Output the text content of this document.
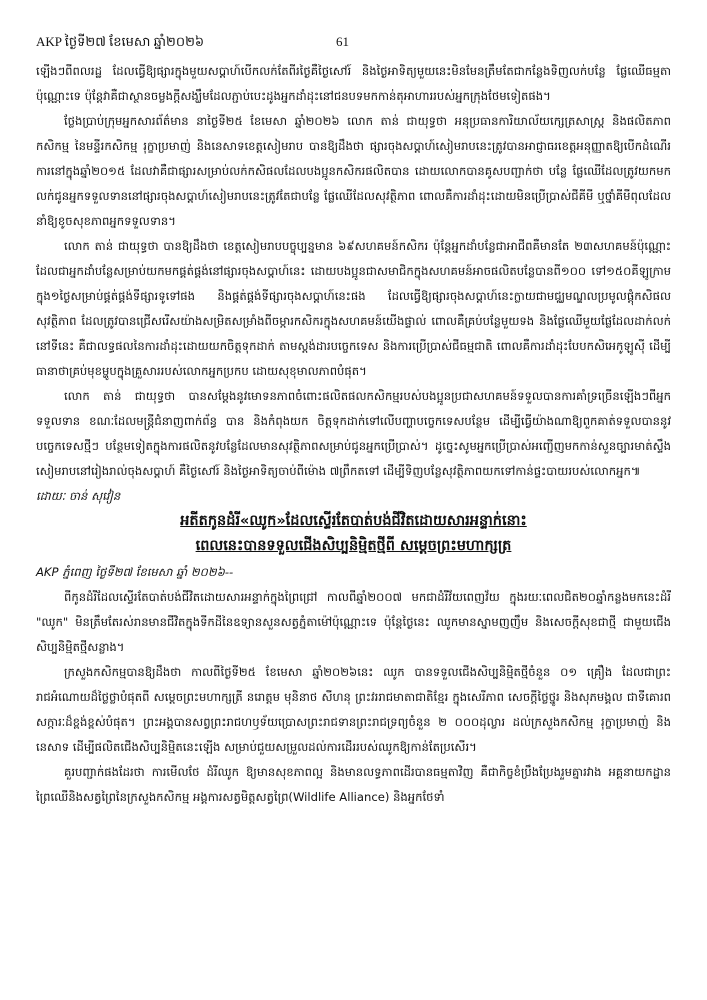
AKP ថ្ងៃទី២៧ ខែមេសា ឆ្នាំ២០២៦	61

ឡើងៗពីពលរដ្ឋ ដែលធ្វើឱ្យផ្សារក្នុងមួយសប្តាហ៍បើកលក់តែពីរថ្ងៃគឺថ្ងៃសៅរ៍ និងថ្ងៃអាទិត្យមួយនេះមិនមែនត្រឹមតែជាកន្លែងទិញលក់បន្លែ ផ្លែឈើធម្មតាប៉ុណ្ណោះទេ ប៉ុន្តែវាគឺជាស្ថានចម្លងក្តីសង្ឃឹមដែលភ្ជាប់បេះដូងអ្នកដាំដុះនៅជនបទមកកាន់តុអាហាររបស់អ្នកក្រុងថែមទៀតផង។

ថ្លែងប្រាប់ក្រុមអ្នកសារព័ត៌មាន នាថ្ងៃទី២៥ ខែមេសា ឆ្នាំ២០២៦ លោក តាន់ ជាយុទ្ធថា អនុប្រធានការិយាល័យក្សេត្រសាស្ត្រ និងផលិតភាពកសិកម្ម នៃមន្ទីរកសិកម្ម រុក្ខាប្រមាញ់ និងនេសាទខេត្តសៀមរាប បានឱ្យដឹងថា ផ្សារចុងសប្តាហ៍សៀមរាបនេះត្រូវបានអាជ្ញាធរខេត្តអនុញ្ញាតឱ្យបើកដំណើរការនៅក្នុងឆ្នាំ២០១៥ ដែលវាគឺជាផ្សារសម្រាប់លក់កសិផលដែលបងប្អូនកសិករផលិតបាន ដោយលោកបានគូសបញ្ជាក់ថា បន្លែ ផ្លែឈើដែលត្រូវយកមកលក់ជូនអ្នកទទួលទាននៅផ្សារចុងសប្តាហ៍សៀមរាបនេះត្រូវតែជាបន្លែ ផ្លែឈើដែលសុវត្ថិភាព ពោលគឺការដាំដុះដោយមិនប្រើប្រាស់ជីគីមី ឬថ្នាំគីមីពុលដែលនាំឱ្យខូចសុខភាពអ្នកទទួលទាន។

លោក តាន់ ជាយុទ្ធថា បានឱ្យដឹងថា ខេត្តសៀមរាបបច្ចុប្បន្នមាន ៦៩សហគមន៍កសិករ ប៉ុន្តែអ្នកដាំបន្លែជាអាជីពគឺមានតែ ២៣សហគមន៍ប៉ុណ្ណោះ ដែលជាអ្នកដាំបន្លែសម្រាប់យកមកផ្គត់ផ្គង់នៅផ្សារចុងសប្តាហ៍នេះ ដោយបងប្អូនជាសមាជិកក្នុងសហគមន៍អាចផលិតបន្លែបានពី១០០ ទៅ១៥០គីឡូក្រាមក្នុង១ថ្ងៃសម្រាប់ផ្គត់ផ្គង់ទីផ្សារទូទៅផង និងផ្គត់ផ្គង់ទីផ្សារចុងសប្តាហ៍នេះផង ដែលធ្វើឱ្យផ្សារចុងសប្តាហ៍នេះក្លាយជាមជ្ឈមណ្ឌលប្រមូលផ្តុំកសិផលសុវត្ថិភាព ដែលត្រូវបានជ្រើសរើសយ៉ាងសម្រិតសម្រាំងពីចម្ការកសិករក្នុងសហគមន៍យើងផ្ទាល់ ពោលគឺគ្រប់បន្លែមួយទង និងផ្លែឈើមួយផ្លែដែលដាក់លក់នៅទីនេះ គឺជាលទ្ធផលនៃការដាំដុះដោយយកចិត្តទុកដាក់ តាមស្តង់ដារបច្ចេកទេស និងការប្រើប្រាស់ជីធម្មជាតិ ពោលគឺការដាំដុះបែបកសិអេកូឡូស៊ី ដើម្បីធានាថាគ្រប់មុខម្ហូបក្នុងគ្រួសាររបស់លោកអ្នកប្រកប ដោយសុខុមាលភាពបំផុត។

លោក តាន់ ជាយុទ្ធថា បានសម្តែងនូវមោទនភាពចំពោះផលិតផលកសិកម្មរបស់បងប្អូនប្រជាសហគមន៍ទទួលបានការគាំទ្រច្រើនឡើងៗពីអ្នកទទួលទាន ខណៈដែលមន្ត្រីជំនាញពាក់ព័ន្ធ បាន និងកំពុងយក ចិត្តទុកដាក់ទៅលើបញ្ហាបច្ចេកទេសបន្ថែម ដើម្បីធ្វើយ៉ាងណាឱ្យពួកគាត់ទទួលបាននូវបច្ចេកទេសថ្មីៗ បន្ថែមទៀតក្នុងការផលិតនូវបន្លែដែលមានសុវត្ថិភាពសម្រាប់ជូនអ្នកប្រើប្រាស់។ ដូច្នេះសូមអ្នកប្រើប្រាស់អញ្ជើញមកកាន់សួនច្បារមាត់ស្ទឹងសៀមរាបនៅរៀងរាល់ចុងសប្តាហ៍ គឺថ្ងៃសៅរ៍ និងថ្ងៃអាទិត្យចាប់ពីម៉ោង ៧ព្រឹកតទៅ ដើម្បីទិញបន្លែសុវត្ថិភាពយកទៅកាន់ផ្ទះបាយរបស់លោកអ្នក៕

ដោយៈ ចាន់ សុវៀន
អតីតកូនដំរី«ឈូក»ដែលស្ទើរតែបាត់បង់ជីវិតដោយសារអន្ទាក់នោះ
ពេលនេះបានទទួលជើងសិប្បនិម្មិតថ្មីពី សម្តេចព្រះមហាក្សត្រ
AKP ភ្នំពេញ ថ្ងៃទី២៧ ខែមេសា ឆ្នាំ ២០២៦--

ពីកូនដំរីដែលស្ទើរតែបាត់បង់ជីវិតដោយសារអន្ទាក់ក្នុងព្រៃជ្រៅ កាលពីឆ្នាំ២០០៧ មកជាដំរីវ័យពេញវ័យ ក្នុងរយៈពេលជិត២០ឆ្នាំកន្លងមកនេះដំរី "ឈូក" មិនត្រឹមតែរស់រានមានជីវិតក្នុងទីកដីនៃឧទ្យានសួនសត្វភ្នំតាម៉ៅប៉ុណ្ណោះទេ ប៉ុន្តែថ្ងៃនេះ ឈូកមានស្នាមញញឹម និងសេចក្តីសុខជាថ្មី ជាមួយជើងសិប្បនិម្មិតថ្មីសន្លាង។

ក្រសួងកសិកម្មបានឱ្យដឹងថា កាលពីថ្ងៃទី២៥ ខែមេសា ឆ្នាំ២០២៦នេះ ឈូក បានទទួលជើងសិប្បនិម្មិតថ្មីចំនួន ០១ គ្រឿង ដែលជាព្រះរាជអំណោយដ៏ថ្លៃថ្លាបំផុតពី សម្តេចព្រះមហាក្សត្រី នរោត្តម មុនិនាថ សីហនុ ព្រះវររាជមាតាជាតិខ្មែរ ក្នុងសេរីភាព សេចក្តីថ្លៃថ្នូរ និងសុភមង្គល ជាទីគោរពសក្ការៈដ៏ខ្ពង់ខ្ពស់បំផុត។ ព្រះអង្គបានសព្វព្រះរាជហឫទ័យប្រោសព្រះរាជទានព្រះរាជទ្រព្យចំនួន ២ ០០០ដុល្លារ ដល់ក្រសួងកសិកម្ម រុក្ខាប្រមាញ់ និងនេសាទ ដើម្បីផលិតជើងសិប្បនិម្មិតនេះឡើង សម្រាប់ជួយសម្រួលដល់ការដើររបស់ឈូកឱ្យកាន់តែប្រសើរ។

គួរបញ្ជាក់ផងដែរថា ការមើលថែ ដំរីឈូក ឱ្យមានសុខភាពល្អ និងមានលទ្ធភាពដើរបានធម្មតាវិញ គឺជាកិច្ចខំប្រឹងប្រែងរួមគ្នារវាង អគ្គនាយកដ្ឋានព្រៃឈើនិងសត្វព្រៃនៃក្រសួងកសិកម្ម អង្គការសត្វមិត្តសត្វព្រៃ(Wildlife Alliance) និងអ្នកថែទាំ
